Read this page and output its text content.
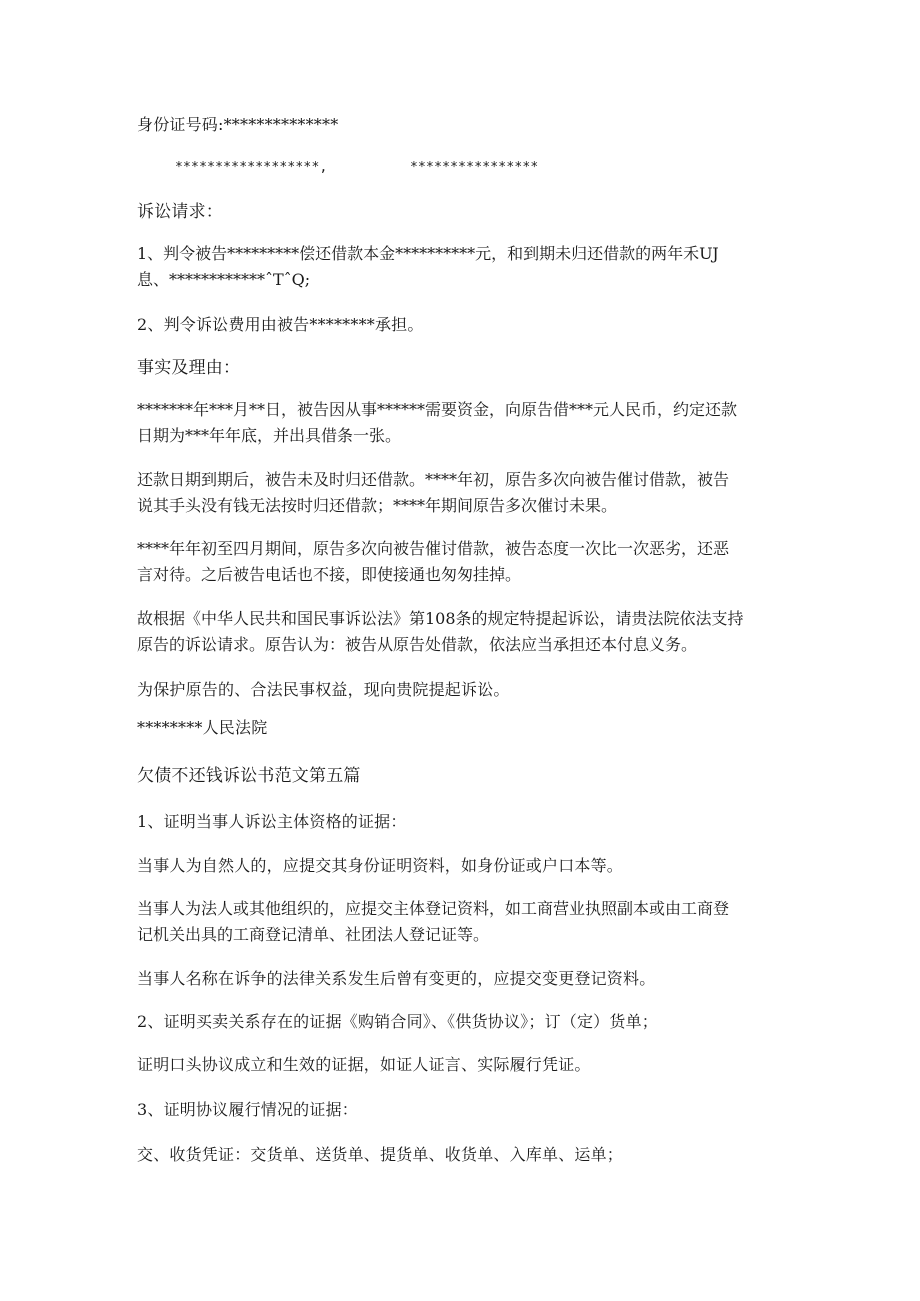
身份证号码:**************
******************,	****************
诉讼请求：
1、判令被告*********偿还借款本金**********元，和到期未归还借款的两年禾UJ
息、************ˆTˆQ;
2、判令诉讼费用由被告********承担。
事实及理由：
*******年***月**日，被告因从事******需要资金，向原告借***元人民币，约定还款
日期为***年年底，并出具借条一张。
还款日期到期后，被告未及时归还借款。****年初，原告多次向被告催讨借款，被告
说其手头没有钱无法按时归还借款；****年期间原告多次催讨未果。
****年年初至四月期间，原告多次向被告催讨借款，被告态度一次比一次恶劣，还恶
言对待。之后被告电话也不接，即使接通也匆匆挂掉。
故根据《中华人民共和国民事诉讼法》第108条的规定特提起诉讼，请贵法院依法支持
原告的诉讼请求。原告认为：被告从原告处借款，依法应当承担还本付息义务。
为保护原告的、合法民事权益，现向贵院提起诉讼。
********人民法院
欠债不还钱诉讼书范文第五篇
1、证明当事人诉讼主体资格的证据：
当事人为自然人的，应提交其身份证明资料，如身份证或户口本等。
当事人为法人或其他组织的，应提交主体登记资料，如工商营业执照副本或由工商登
记机关出具的工商登记清单、社团法人登记证等。
当事人名称在诉争的法律关系发生后曾有变更的，应提交变更登记资料。
2、证明买卖关系存在的证据《购销合同》、《供货协议》；订（定）货单；
证明口头协议成立和生效的证据，如证人证言、实际履行凭证。
3、证明协议履行情况的证据：
交、收货凭证：交货单、送货单、提货单、收货单、入库单、运单；
